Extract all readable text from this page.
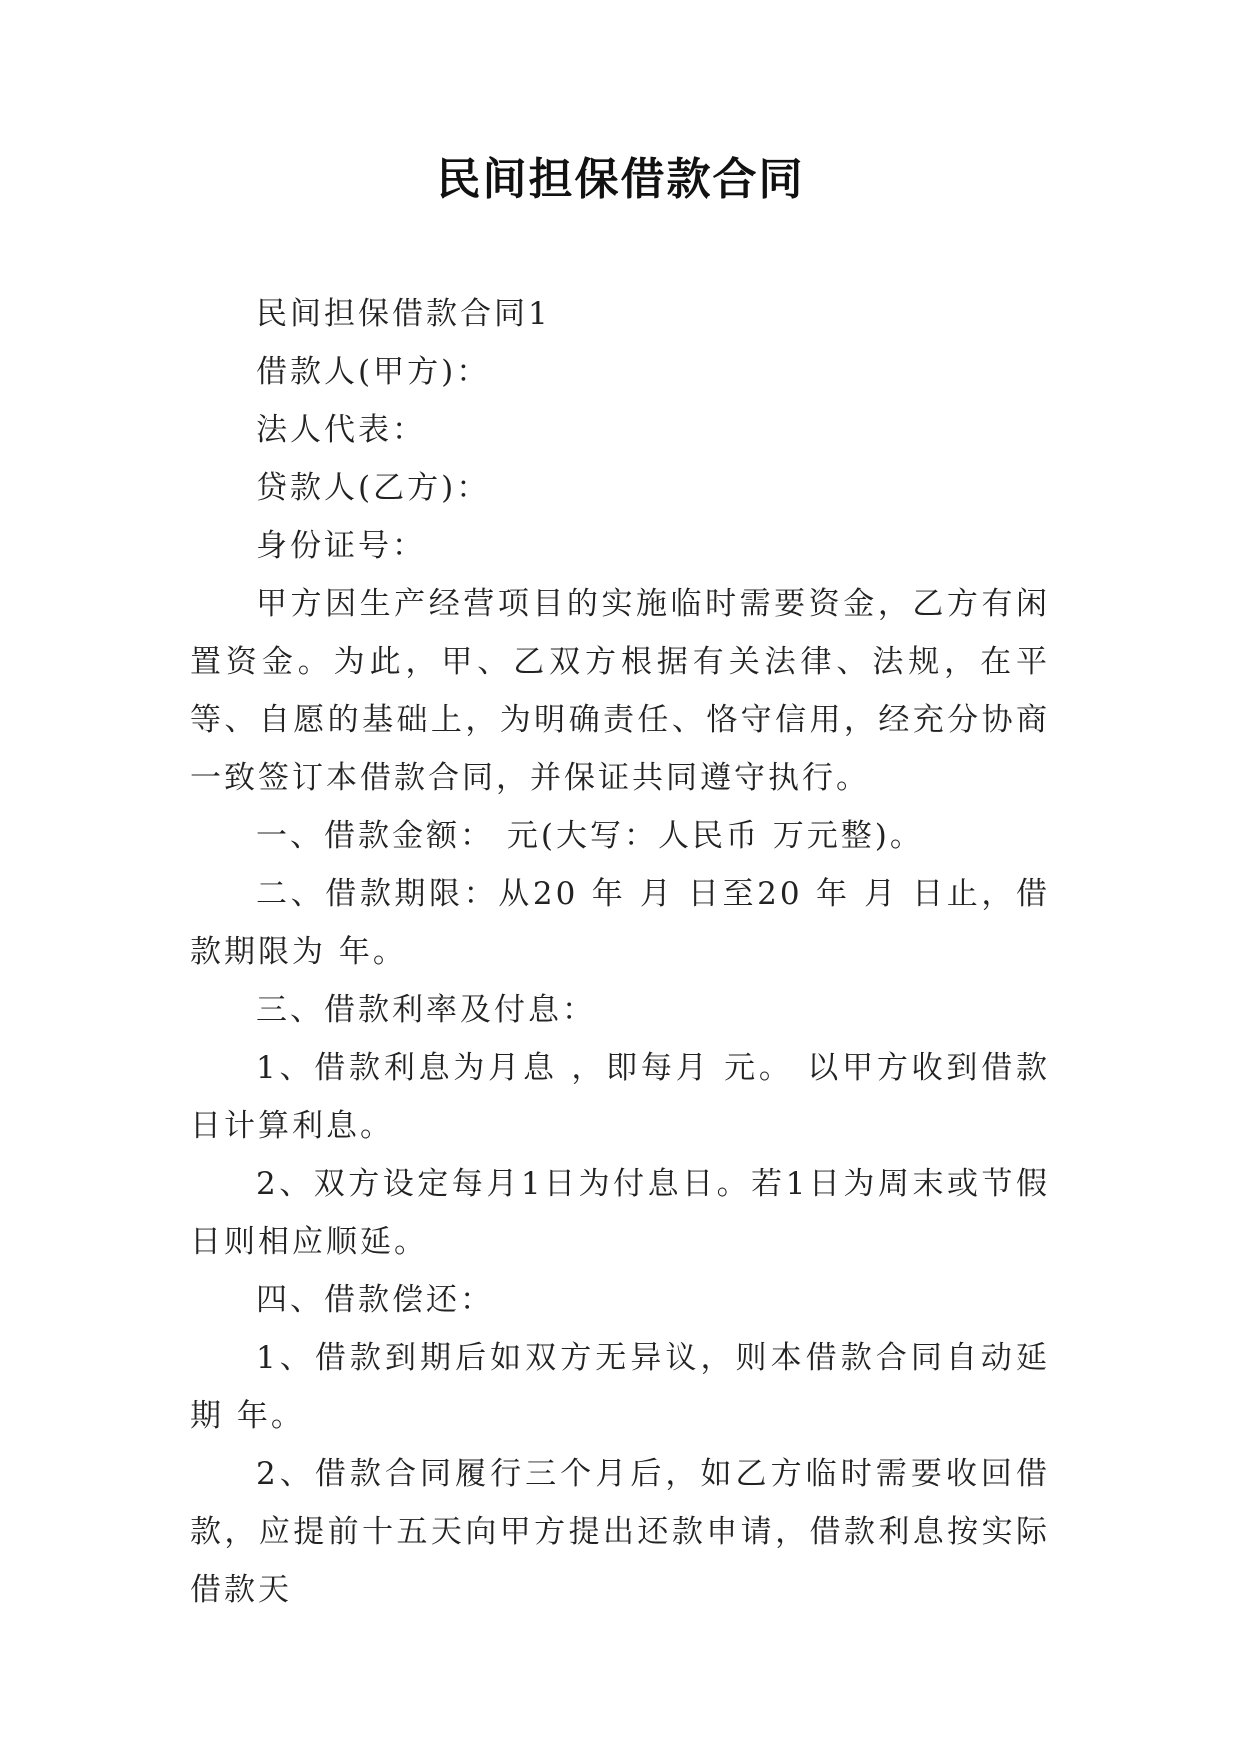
民间担保借款合同

民间担保借款合同1

借款人(甲方)：

法人代表：

贷款人(乙方)：

身份证号：

甲方因生产经营项目的实施临时需要资金，乙方有闲置资金。为此，甲、乙双方根据有关法律、法规，在平等、自愿的基础上，为明确责任、恪守信用，经充分协商一致签订本借款合同，并保证共同遵守执行。

一、借款金额： 元(大写：人民币 万元整)。

二、借款期限：从20 年 月 日至20 年 月 日止，借款期限为 年。

三、借款利率及付息：

1、借款利息为月息 ，即每月 元。 以甲方收到借款日计算利息。

2、双方设定每月1日为付息日。若1日为周末或节假日则相应顺延。

四、借款偿还：

1、借款到期后如双方无异议，则本借款合同自动延期 年。

2、借款合同履行三个月后，如乙方临时需要收回借款，应提前十五天向甲方提出还款申请，借款利息按实际借款天
